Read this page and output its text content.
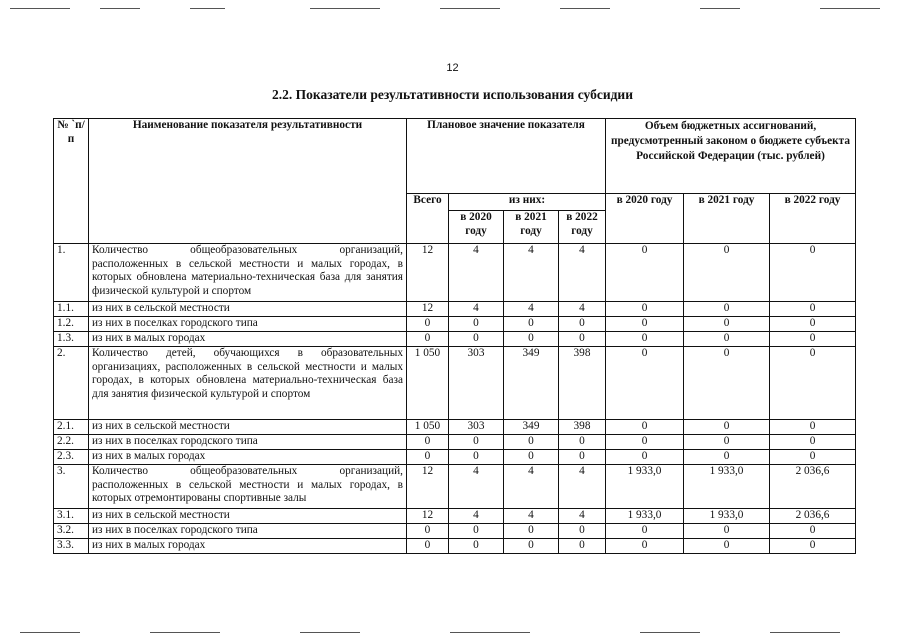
12
2.2. Показатели результативности использования субсидии
№ `п/п	Наименование показателя результативности	Плановое значение показателя				Объем бюджетных ассигнований, предусмотренный законом о бюджете субъекта Российской Федерации (тыс. рублей)		
		Всего	из них:			в 2020 году	в 2021 году	в 2022 году
			в 2020 году	в 2021 году	в 2022 году			
1.	Количество общеобразовательных организаций, расположенных в сельской местности и малых городах, в которых обновлена материально-техническая база для занятия физической культурой и спортом	12	4	4	4	0	0	0
1.1.	из них в сельской местности	12	4	4	4	0	0	0
1.2.	из них в поселках городского типа	0	0	0	0	0	0	0
1.3.	из них в малых городах	0	0	0	0	0	0	0
2.	Количество детей, обучающихся в образовательных организациях, расположенных в сельской местности и малых городах, в которых обновлена материально-техническая база для занятия физической культурой и спортом	1 050	303	349	398	0	0	0
2.1.	из них в сельской местности	1 050	303	349	398	0	0	0
2.2.	из них в поселках городского типа	0	0	0	0	0	0	0
2.3.	из них в малых городах	0	0	0	0	0	0	0
3.	Количество общеобразовательных организаций, расположенных в сельской местности и малых городах, в которых отремонтированы спортивные залы	12	4	4	4	1 933,0	1 933,0	2 036,6
3.1.	из них в сельской местности	12	4	4	4	1 933,0	1 933,0	2 036,6
3.2.	из них в поселках городского типа	0	0	0	0	0	0	0
3.3.	из них в малых городах	0	0	0	0	0	0	0
